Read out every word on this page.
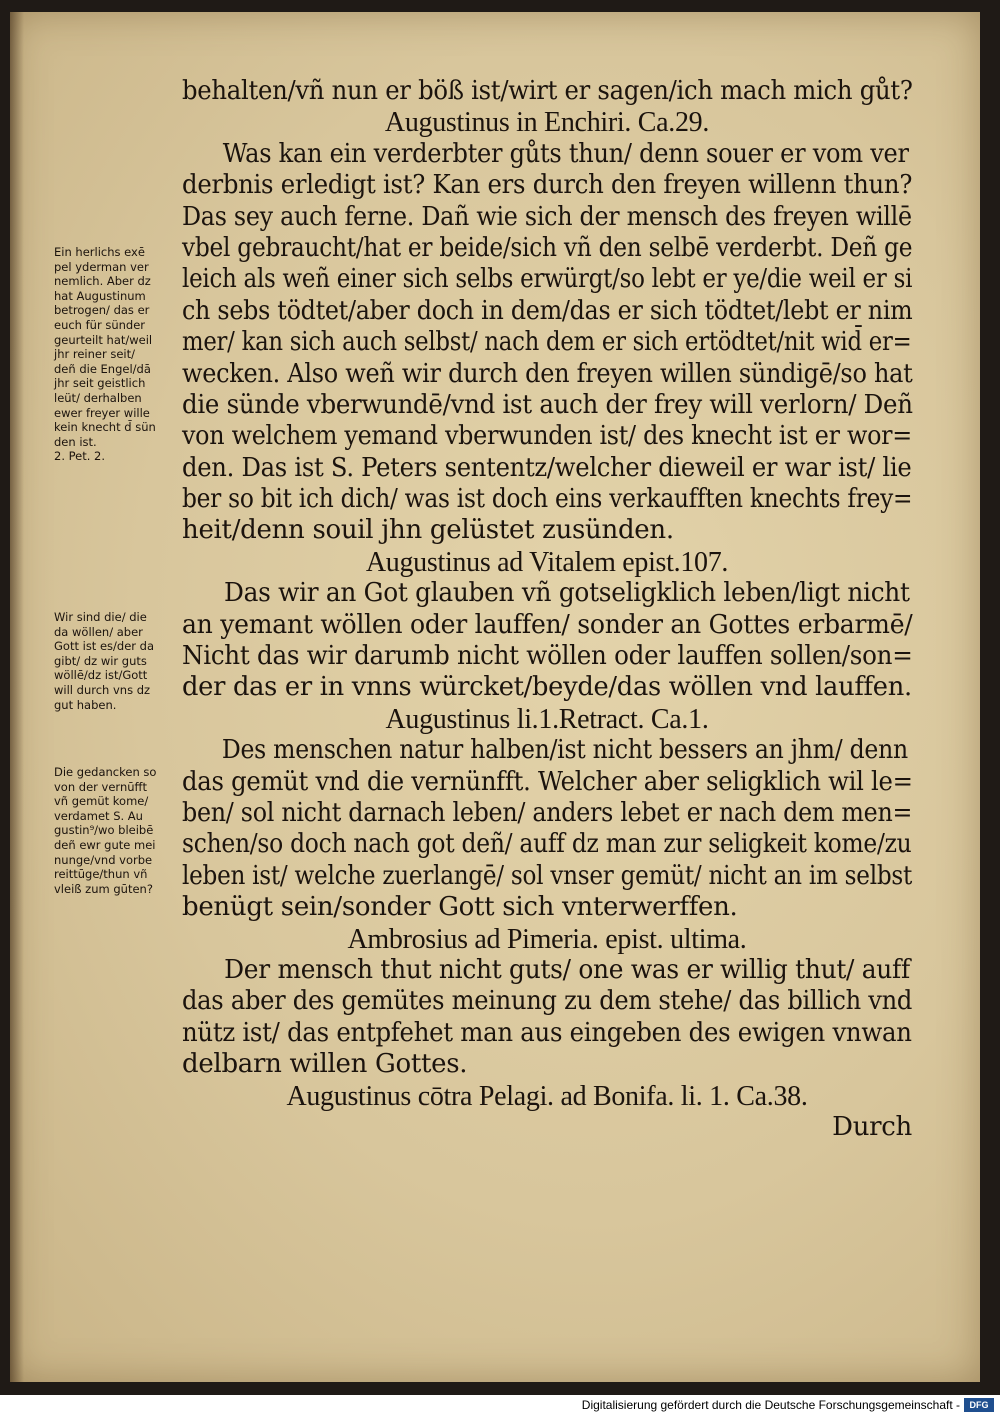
behalten/vñ nun er böß ist/wirt er sagen/ich mach mich gůt?
Augustinus in Enchiri. Ca.29.
Was kan ein verderbter gůts thun/ denn souer er vom ver
derbnis erledigt ist? Kan ers durch den freyen willenn thun?
Das sey auch ferne. Dañ wie sich der mensch des freyen willē
vbel gebraucht/hat er beide/sich vñ den selbē verderbt. Deñ ge
leich als weñ einer sich selbs erwürgt/so lebt er ye/die weil er si
ch sebs tödtet/aber doch in dem/das er sich tödtet/lebt er nim
mer/ kan sich auch selbst/ nach dem er sich ertödtet/nit wid̄ er=
wecken. Also weñ wir durch den freyen willen sündigē/so hat
die sünde vberwundē/vnd ist auch der frey will verlorn/ Deñ
von welchem yemand vberwunden ist/ des knecht ist er wor=
den. Das ist S. Peters sententz/welcher dieweil er war ist/ lie
ber so bit ich dich/ was ist doch eins verkaufften knechts frey=
heit/denn souil jhn gelüstet zusünden.
Augustinus ad Vitalem epist.107.
Das wir an Got glauben vñ gotseligklich leben/ligt nicht
an yemant wöllen oder lauffen/ sonder an Gottes erbarmē/
Nicht das wir darumb nicht wöllen oder lauffen sollen/son=
der das er in vnns würcket/beyde/das wöllen vnd lauffen.
Augustinus li.1.Retract. Ca.1.
Des menschen natur halben/ist nicht bessers an jhm/ denn
das gemüt vnd die vernünfft. Welcher aber seligklich wil le=
ben/ sol nicht darnach leben/ anders lebet er nach dem men=
schen/so doch nach got deñ/ auff dz man zur seligkeit kome/zu
leben ist/ welche zuerlangē/ sol vnser gemüt/ nicht an im selbst
benügt sein/sonder Gott sich vnterwerffen.
Ambrosius ad Pimeria. epist. ultima.
Der mensch thut nicht guts/ one was er willig thut/ auff
das aber des gemütes meinung zu dem stehe/ das billich vnd
nütz ist/ das entpfehet man aus eingeben des ewigen vnwan
delbarn willen Gottes.
Augustinus cōtra Pelagi. ad Bonifa. li. 1. Ca.38.
Durch
Ein herlichs exē
pel yderman ver
nemlich. Aber dz
hat Augustinum
betrogen/ das er
euch für sünder
geurteilt hat/weil
jhr reiner seit/
deñ die Engel/dā
jhr seit geistlich
leüt/ derhalben
ewer freyer wille
kein knecht d̄ sün
den ist.
2. Pet. 2.
Wir sind die/ die
da wöllen/ aber
Gott ist es/der da
gibt/ dz wir guts
wöllē/dz ist/Gott
will durch vns dz
gut haben.
Die gedancken so
von der vernūfft
vñ gemüt kome/
verdamet S. Au
gustin⁹/wo bleibē
deñ ewr gute mei
nunge/vnd vorbe
reittūge/thun vñ
vleiß zum gūten?
Digitalisierung gefördert durch die Deutsche Forschungsgemeinschaft -	DFG
